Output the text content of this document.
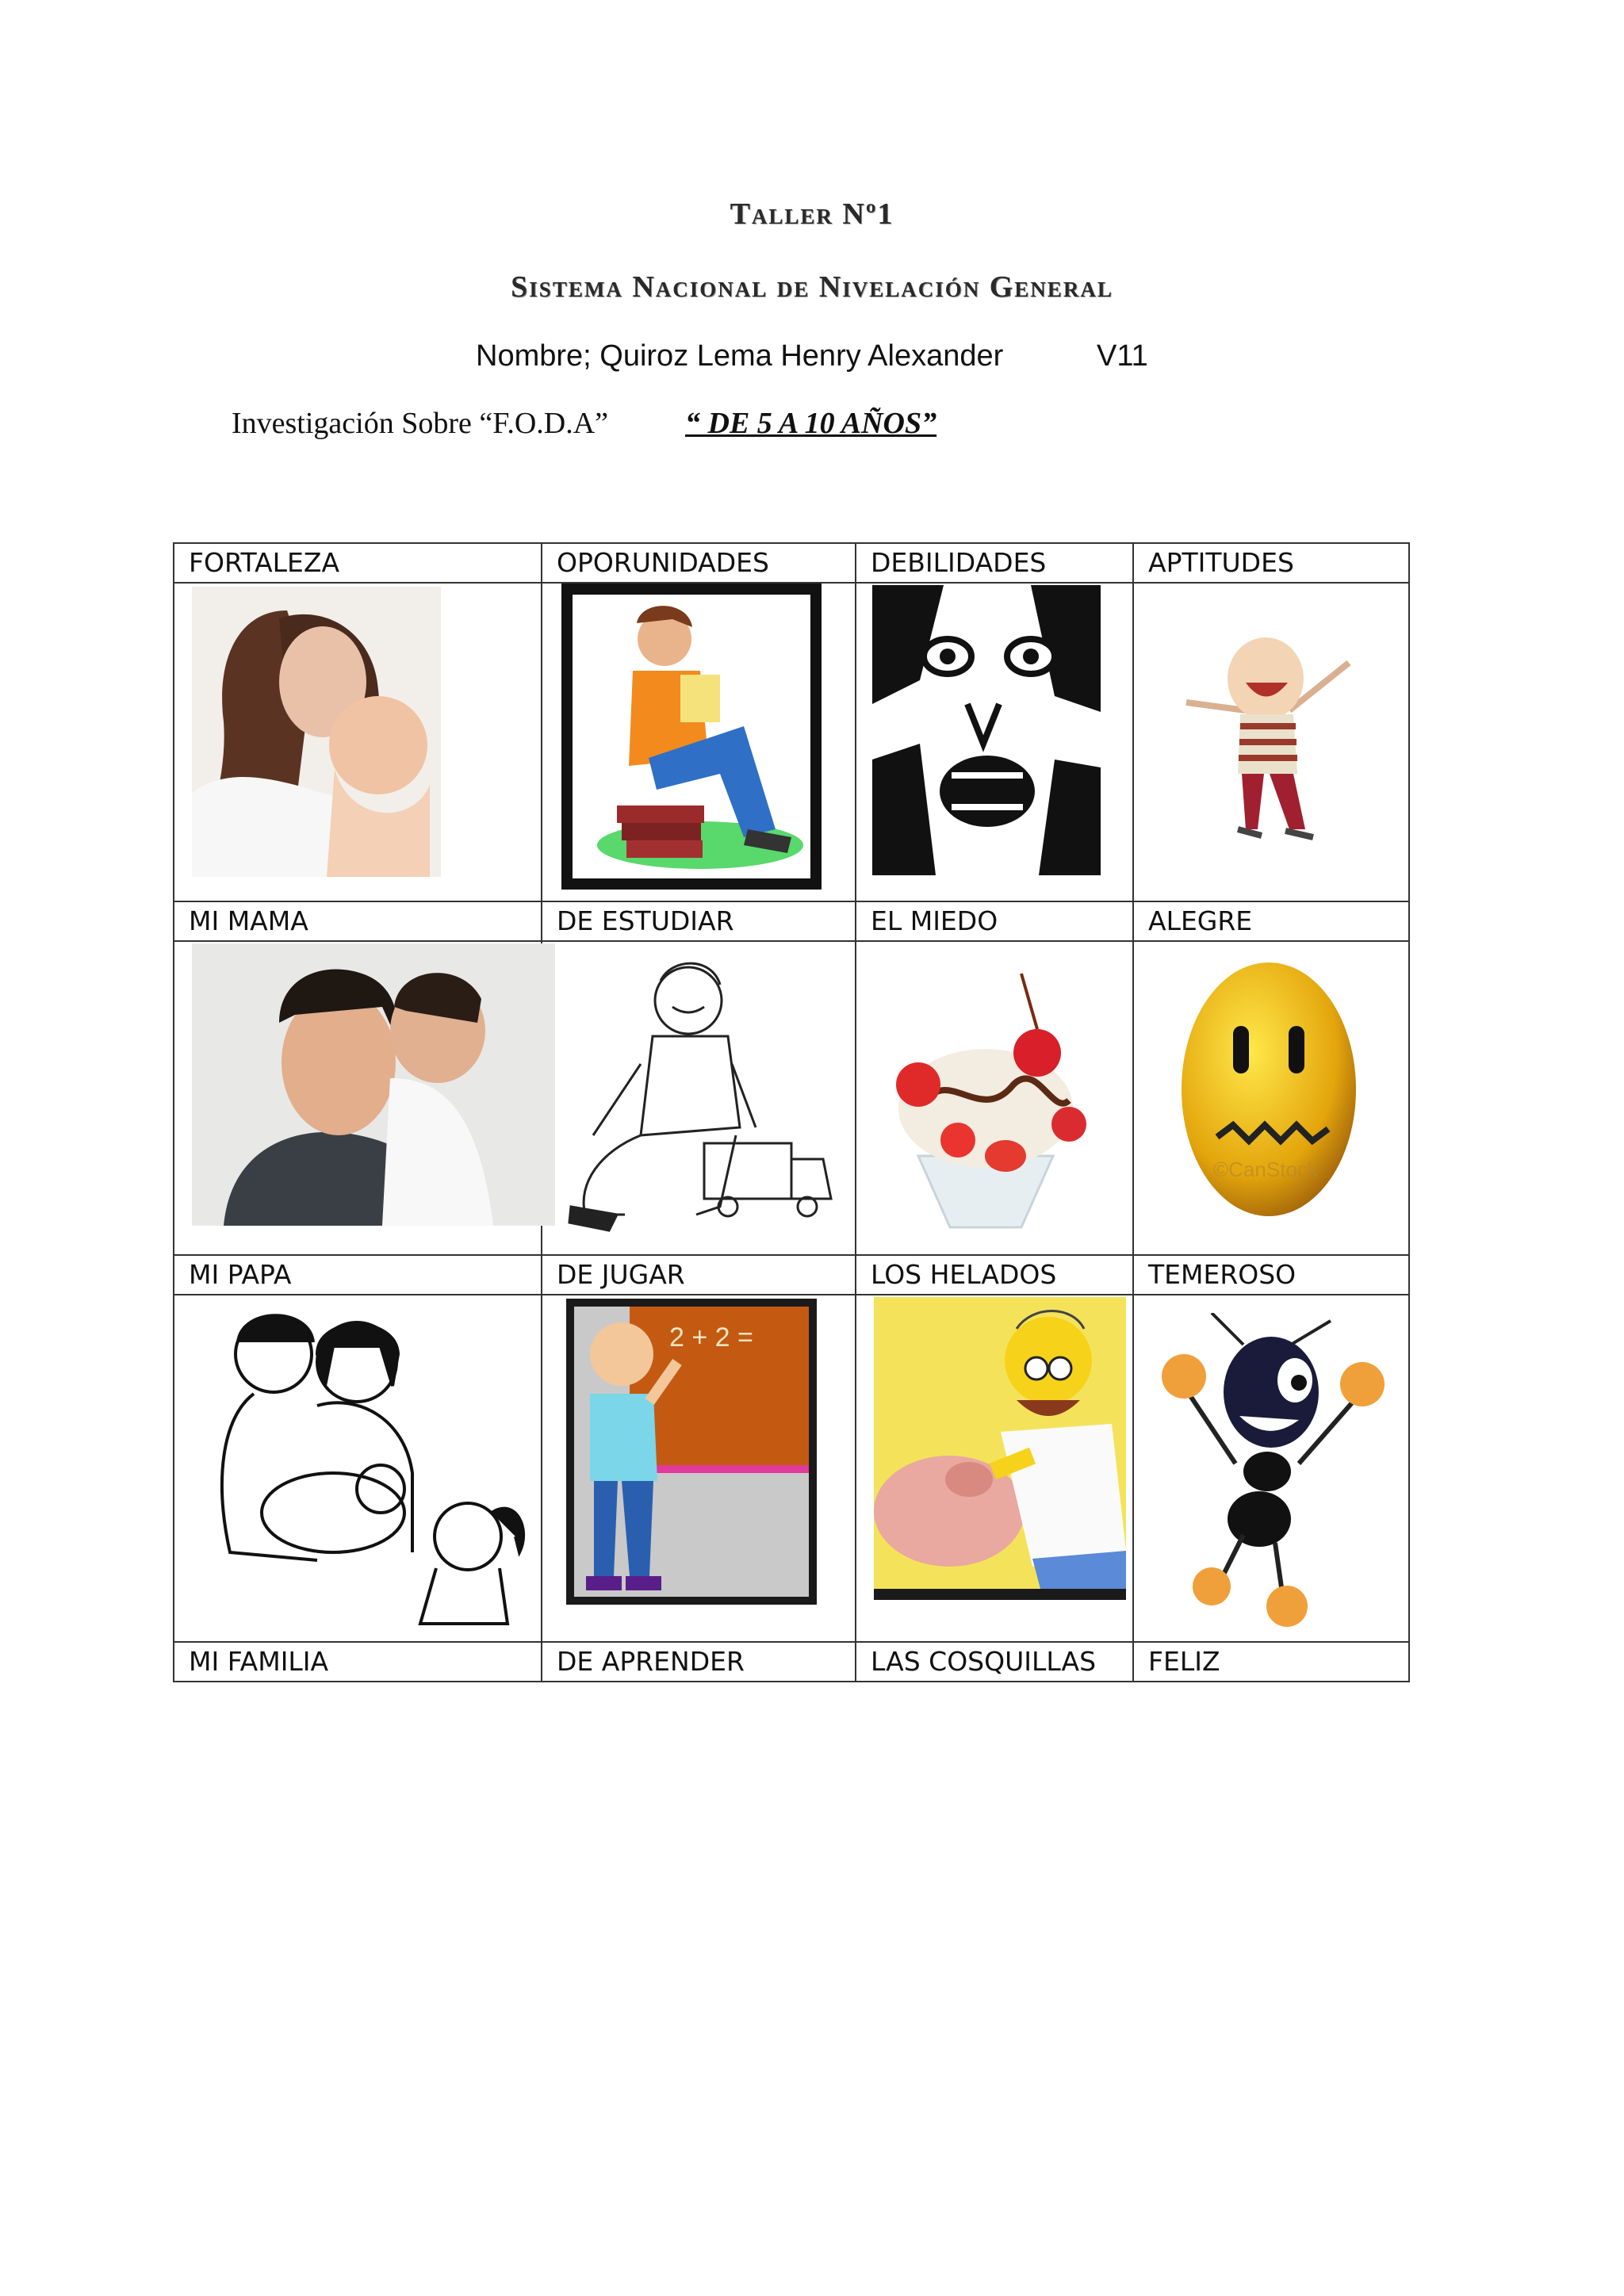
Taller Nº1
Sistema Nacional de Nivelación General
Nombre; Quiroz Lema Henry Alexander	V11
Investigación Sobre “F.O.D.A”	“ DE 5 A 10 AÑOS”
FORTALEZA	OPORUNIDADES	DEBILIDADES	APTITUDES

MI MAMA	DE ESTUDIAR	EL MIEDO	ALEGRE

©CanStock

MI PAPA	DE JUGAR	LOS HELADOS	TEMEROSO

2 + 2 =

MI FAMILIA	DE APRENDER	LAS COSQUILLAS	FELIZ
